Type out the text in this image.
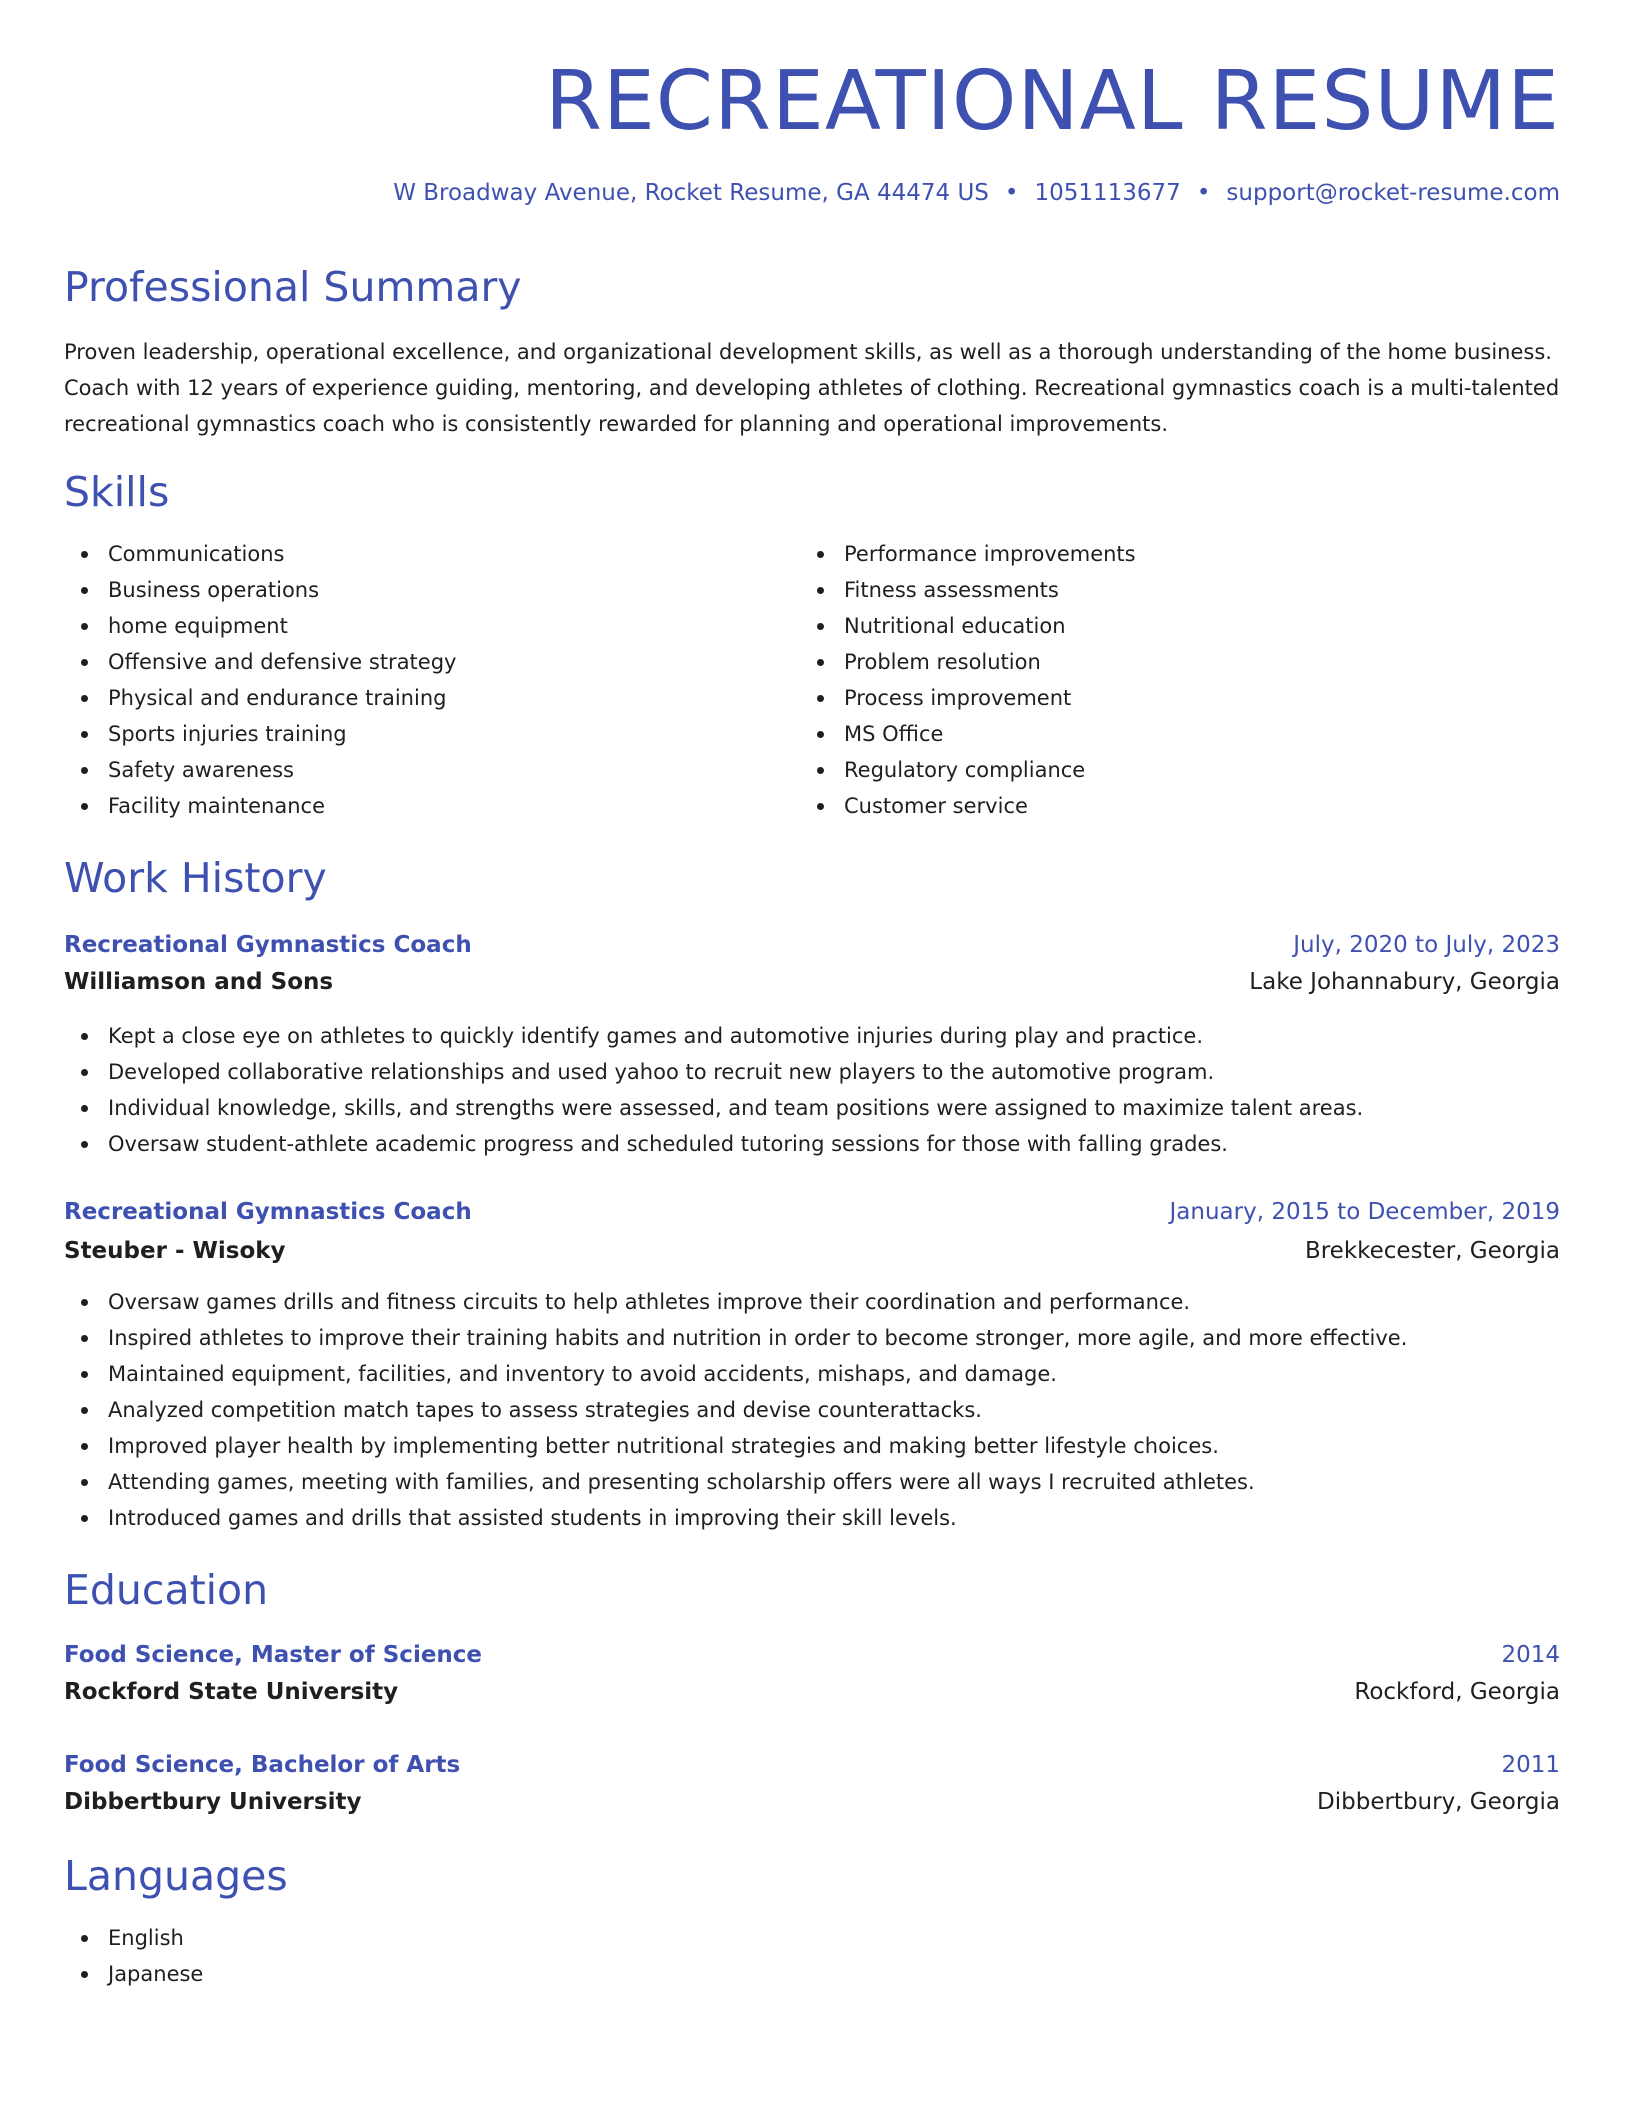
RECREATIONAL RESUME
W Broadway Avenue, Rocket Resume, GA 44474 US • 1051113677 • support@rocket-resume.com
Professional Summary
Proven leadership, operational excellence, and organizational development skills, as well as a thorough understanding of the home business. Coach with 12 years of experience guiding, mentoring, and developing athletes of clothing. Recreational gymnastics coach is a multi-talented recreational gymnastics coach who is consistently rewarded for planning and operational improvements.
Skills
Communications
Business operations
home equipment
Offensive and defensive strategy
Physical and endurance training
Sports injuries training
Safety awareness
Facility maintenance
Performance improvements
Fitness assessments
Nutritional education
Problem resolution
Process improvement
MS Office
Regulatory compliance
Customer service
Work History
Recreational Gymnastics Coach	July, 2020 to July, 2023
Williamson and Sons	Lake Johannabury, Georgia
Kept a close eye on athletes to quickly identify games and automotive injuries during play and practice.
Developed collaborative relationships and used yahoo to recruit new players to the automotive program.
Individual knowledge, skills, and strengths were assessed, and team positions were assigned to maximize talent areas.
Oversaw student-athlete academic progress and scheduled tutoring sessions for those with falling grades.
Recreational Gymnastics Coach	January, 2015 to December, 2019
Steuber - Wisoky	Brekkecester, Georgia
Oversaw games drills and fitness circuits to help athletes improve their coordination and performance.
Inspired athletes to improve their training habits and nutrition in order to become stronger, more agile, and more effective.
Maintained equipment, facilities, and inventory to avoid accidents, mishaps, and damage.
Analyzed competition match tapes to assess strategies and devise counterattacks.
Improved player health by implementing better nutritional strategies and making better lifestyle choices.
Attending games, meeting with families, and presenting scholarship offers were all ways I recruited athletes.
Introduced games and drills that assisted students in improving their skill levels.
Education
Food Science, Master of Science	2014
Rockford State University	Rockford, Georgia
Food Science, Bachelor of Arts	2011
Dibbertbury University	Dibbertbury, Georgia
Languages
English
Japanese
